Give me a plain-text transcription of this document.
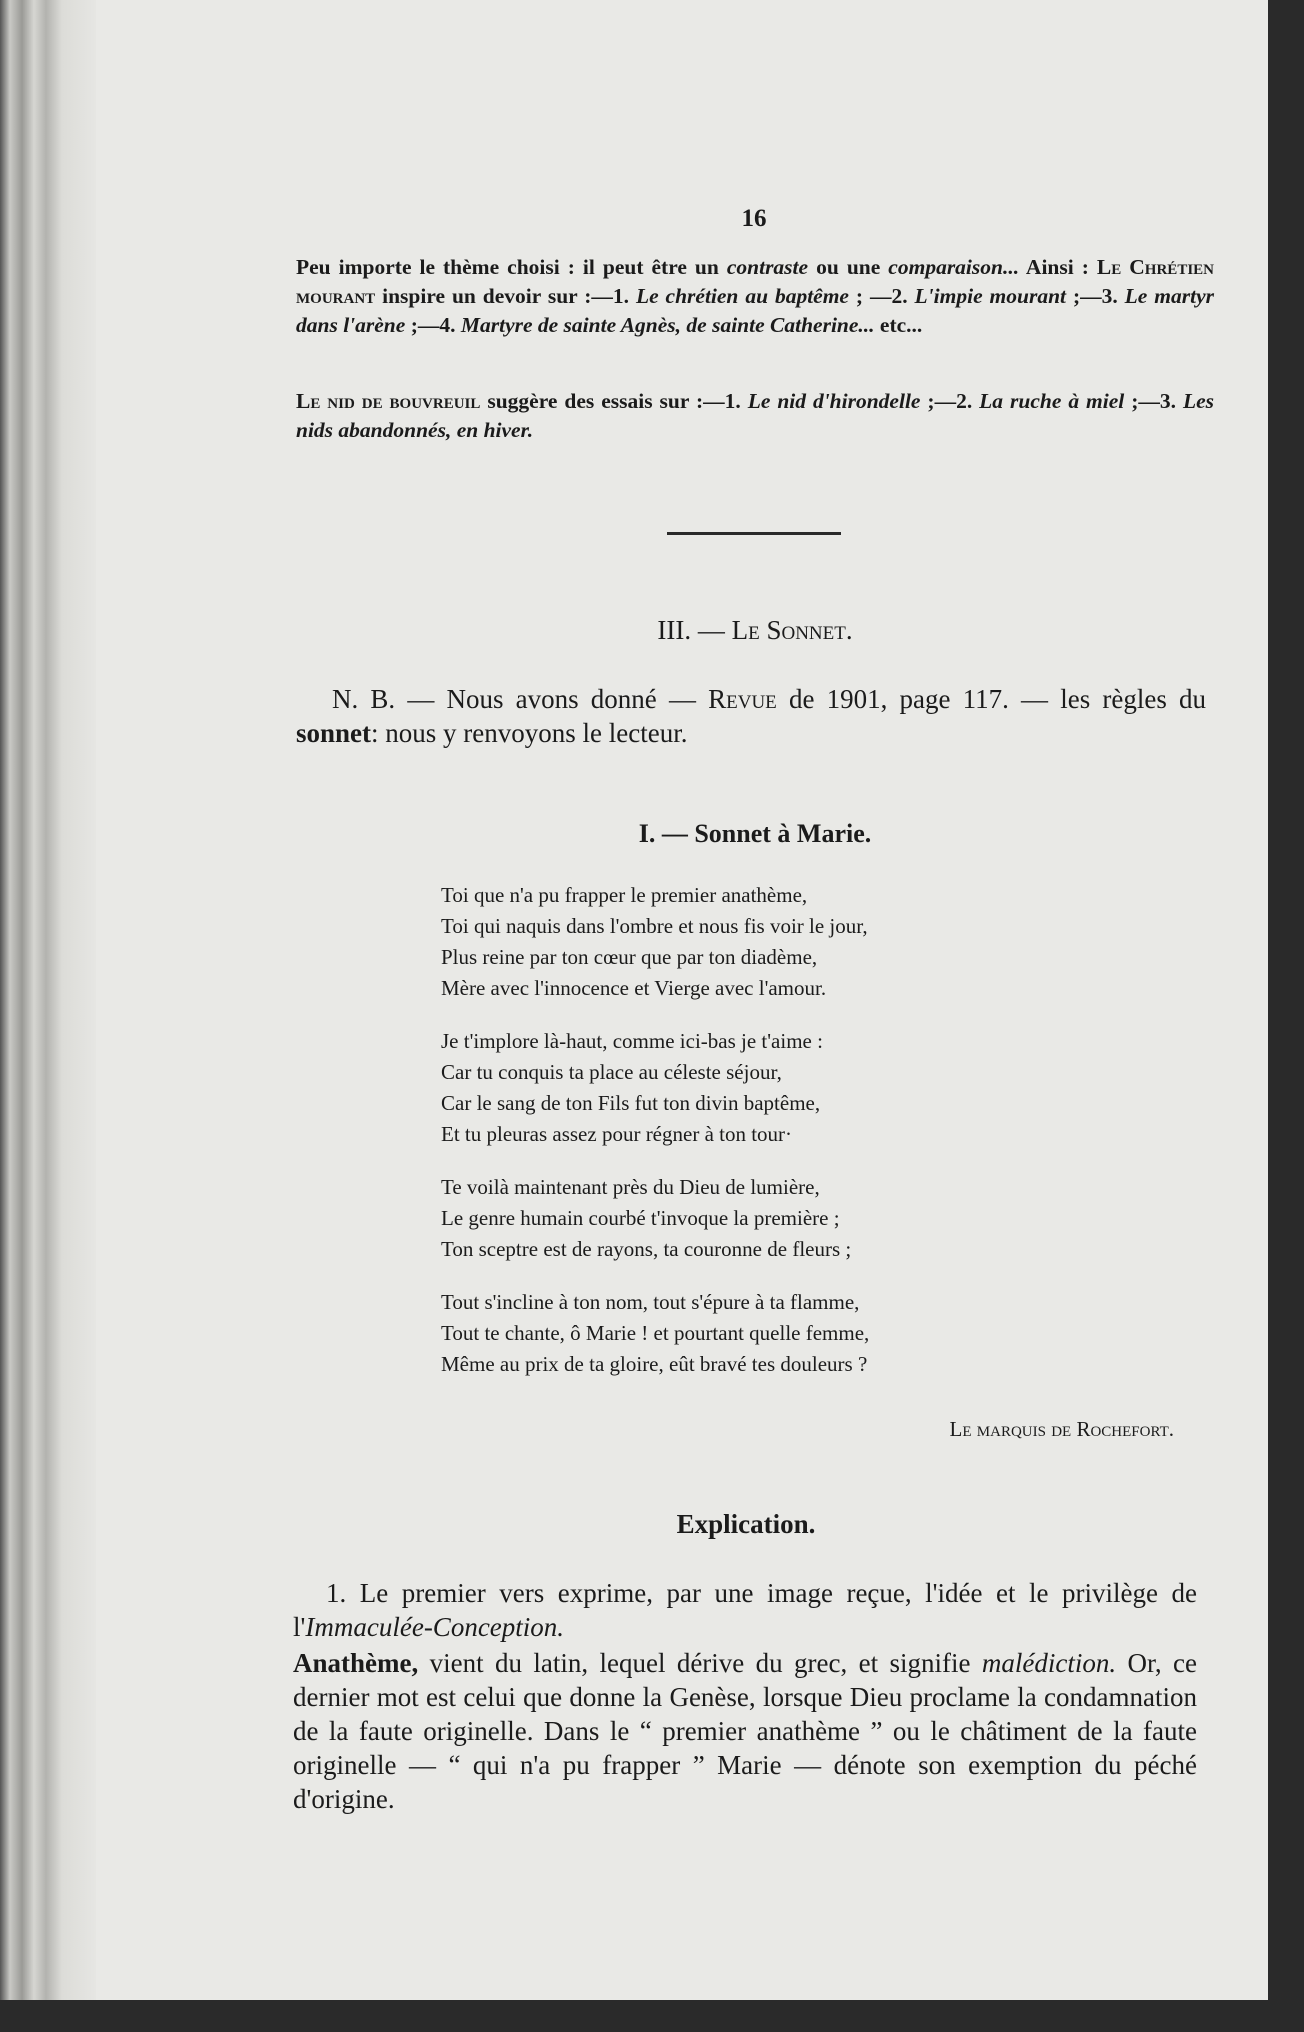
16

Peu importe le thème choisi : il peut être un contraste ou une comparaison... Ainsi : Le Chrétien mourant inspire un devoir sur :—1. Le chrétien au baptême ; —2. L'impie mourant ;—3. Le martyr dans l'arène ;—4. Martyre de sainte Agnès, de sainte Catherine... etc...

Le nid de bouvreuil suggère des essais sur :—1. Le nid d'hirondelle ;—2. La ruche à miel ;—3. Les nids abandonnés, en hiver.

III. — Le Sonnet.

N. B. — Nous avons donné — Revue de 1901, page 117. — les règles du sonnet: nous y renvoyons le lecteur.

I. — Sonnet à Marie.
Toi que n'a pu frapper le premier anathème,
Toi qui naquis dans l'ombre et nous fis voir le jour,
Plus reine par ton cœur que par ton diadème,
Mère avec l'innocence et Vierge avec l'amour.
Je t'implore là-haut, comme ici-bas je t'aime :
Car tu conquis ta place au céleste séjour,
Car le sang de ton Fils fut ton divin baptême,
Et tu pleuras assez pour régner à ton tour·
Te voilà maintenant près du Dieu de lumière,
Le genre humain courbé t'invoque la première ;
Ton sceptre est de rayons, ta couronne de fleurs ;
Tout s'incline à ton nom, tout s'épure à ta flamme,
Tout te chante, ô Marie ! et pourtant quelle femme,
Même au prix de ta gloire, eût bravé tes douleurs ?
Le marquis de Rochefort.
Explication.

1. Le premier vers exprime, par une image reçue, l'idée et le privilège de l'Immaculée-Conception.

Anathème, vient du latin, lequel dérive du grec, et signifie malédiction. Or, ce dernier mot est celui que donne la Genèse, lorsque Dieu proclame la condamnation de la faute originelle. Dans le “ premier anathème ” ou le châtiment de la faute originelle — “ qui n'a pu frapper ” Marie — dénote son exemption du péché d'origine.
